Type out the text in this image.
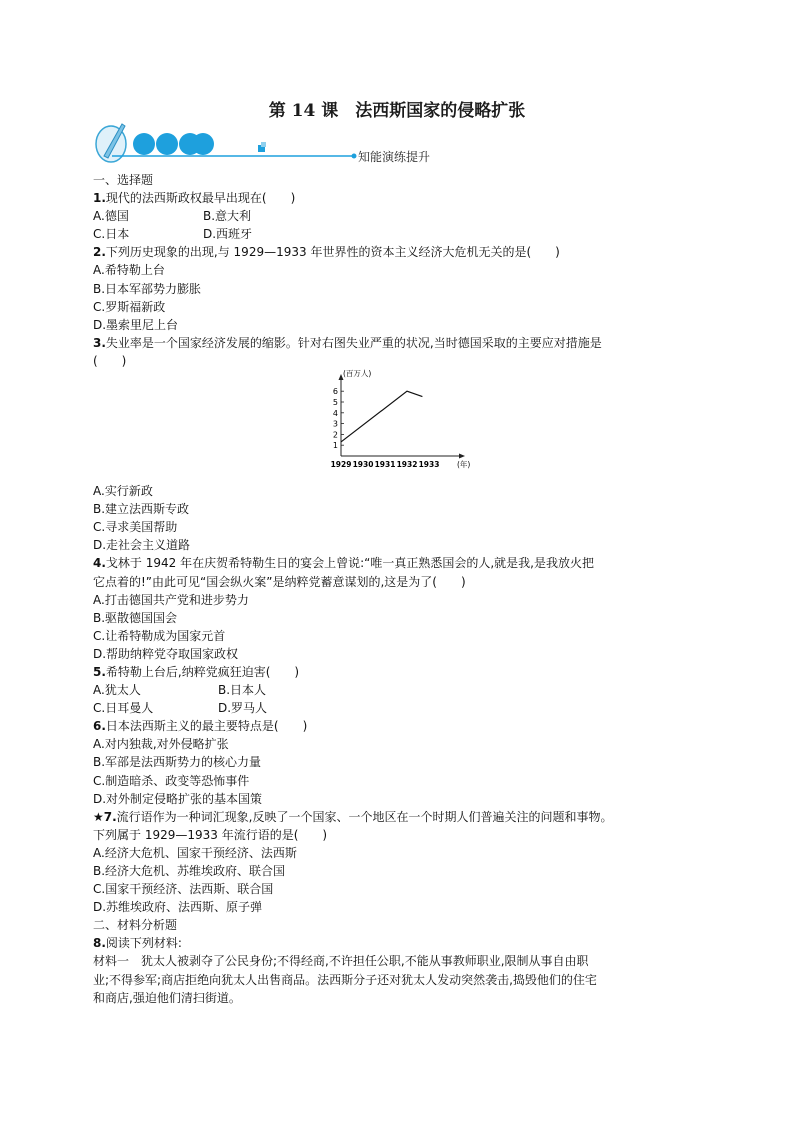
第 14 课　法西斯国家的侵略扩张
知能演练提升
一、选择题
1.现代的法西斯政权最早出现在(　　)
A.德国	B.意大利
C.日本	D.西班牙
2.下列历史现象的出现,与 1929—1933 年世界性的资本主义经济大危机无关的是(　　)
A.希特勒上台
B.日本军部势力膨胀
C.罗斯福新政
D.墨索里尼上台
3.失业率是一个国家经济发展的缩影。针对右图失业严重的状况,当时德国采取的主要应对措施是
(　　)
1
2
3
4
5
6
1929 1930 1931 1932 1933
(百万人)
(年)
A.实行新政
B.建立法西斯专政
C.寻求美国帮助
D.走社会主义道路
4.戈林于 1942 年在庆贺希特勒生日的宴会上曾说:“唯一真正熟悉国会的人,就是我,是我放火把
它点着的!”由此可见“国会纵火案”是纳粹党蓄意谋划的,这是为了(　　)
A.打击德国共产党和进步势力
B.驱散德国国会
C.让希特勒成为国家元首
D.帮助纳粹党夺取国家政权
5.希特勒上台后,纳粹党疯狂迫害(　　)
A.犹太人	B.日本人
C.日耳曼人	D.罗马人
6.日本法西斯主义的最主要特点是(　　)
A.对内独裁,对外侵略扩张
B.军部是法西斯势力的核心力量
C.制造暗杀、政变等恐怖事件
D.对外制定侵略扩张的基本国策
★7.流行语作为一种词汇现象,反映了一个国家、一个地区在一个时期人们普遍关注的问题和事物。
下列属于 1929—1933 年流行语的是(　　)
A.经济大危机、国家干预经济、法西斯
B.经济大危机、苏维埃政府、联合国
C.国家干预经济、法西斯、联合国
D.苏维埃政府、法西斯、原子弹
二、材料分析题
8.阅读下列材料:
材料一　犹太人被剥夺了公民身份;不得经商,不许担任公职,不能从事教师职业,限制从事自由职
业;不得参军;商店拒绝向犹太人出售商品。法西斯分子还对犹太人发动突然袭击,捣毁他们的住宅
和商店,强迫他们清扫街道。
